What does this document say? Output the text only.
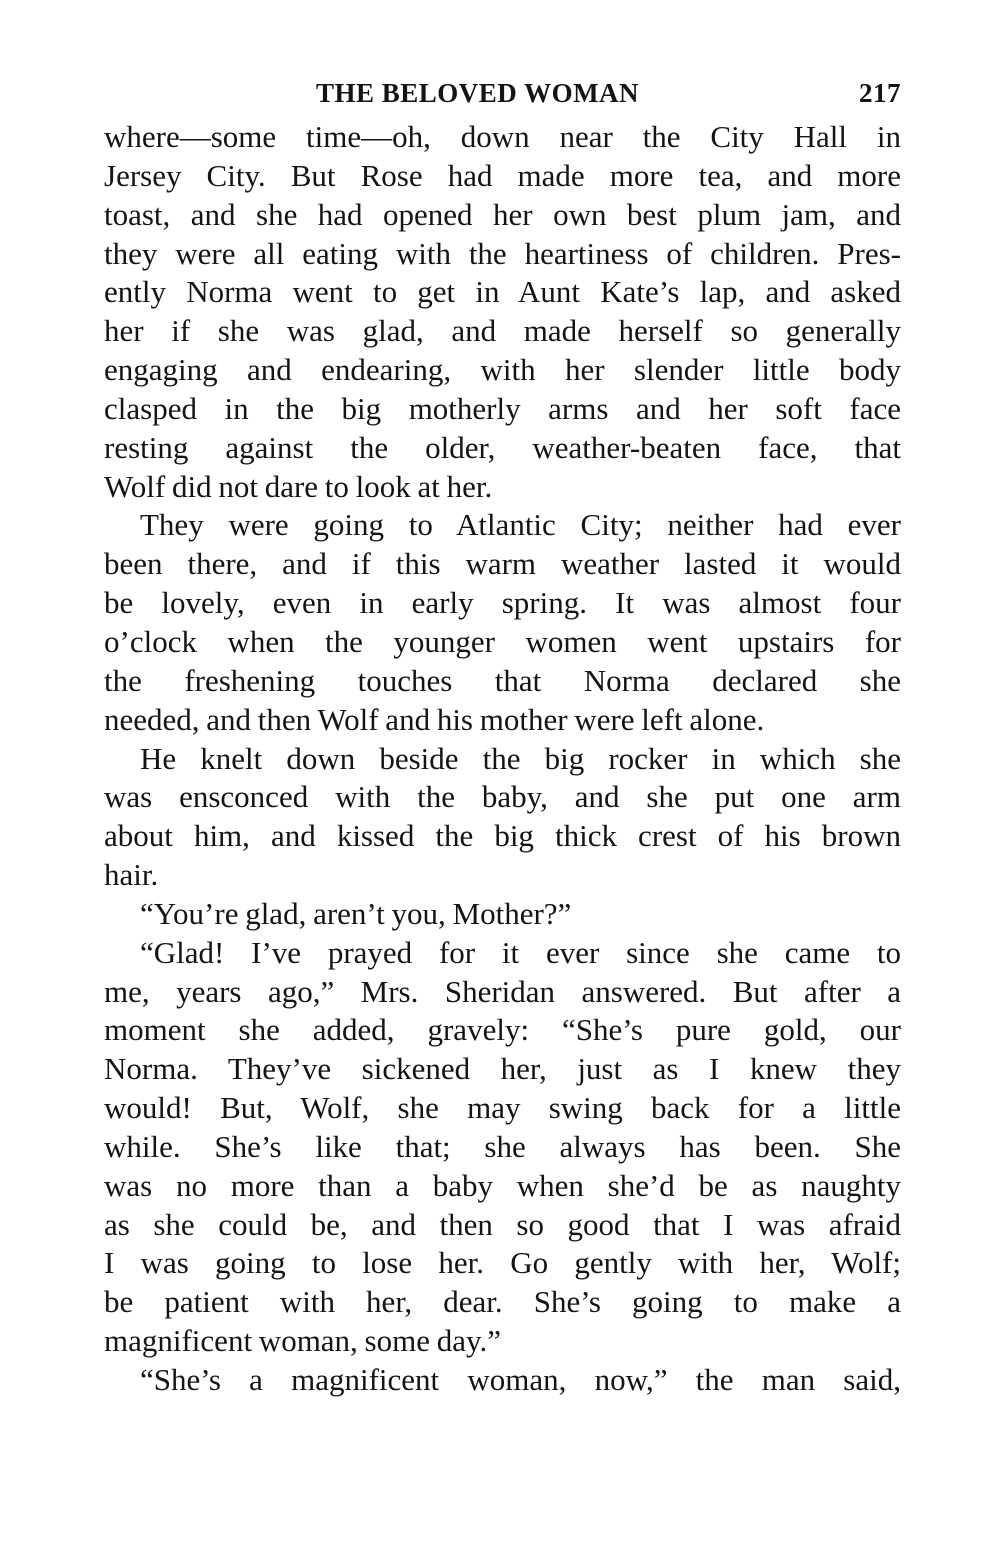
THE BELOVED WOMAN	217
where—some time—oh, down near the City Hall in
Jersey City. But Rose had made more tea, and more
toast, and she had opened her own best plum jam, and
they were all eating with the heartiness of children. Pres-
ently Norma went to get in Aunt Kate’s lap, and asked
her if she was glad, and made herself so generally
engaging and endearing, with her slender little body
clasped in the big motherly arms and her soft face
resting against the older, weather-beaten face, that
Wolf did not dare to look at her.
They were going to Atlantic City; neither had ever
been there, and if this warm weather lasted it would
be lovely, even in early spring. It was almost four
o’clock when the younger women went upstairs for
the freshening touches that Norma declared she
needed, and then Wolf and his mother were left alone.
He knelt down beside the big rocker in which she
was ensconced with the baby, and she put one arm
about him, and kissed the big thick crest of his brown
hair.
“You’re glad, aren’t you, Mother?”
“Glad! I’ve prayed for it ever since she came to
me, years ago,” Mrs. Sheridan answered. But after a
moment she added, gravely: “She’s pure gold, our
Norma. They’ve sickened her, just as I knew they
would! But, Wolf, she may swing back for a little
while. She’s like that; she always has been. She
was no more than a baby when she’d be as naughty
as she could be, and then so good that I was afraid
I was going to lose her. Go gently with her, Wolf;
be patient with her, dear. She’s going to make a
magnificent woman, some day.”
“She’s a magnificent woman, now,” the man said,
